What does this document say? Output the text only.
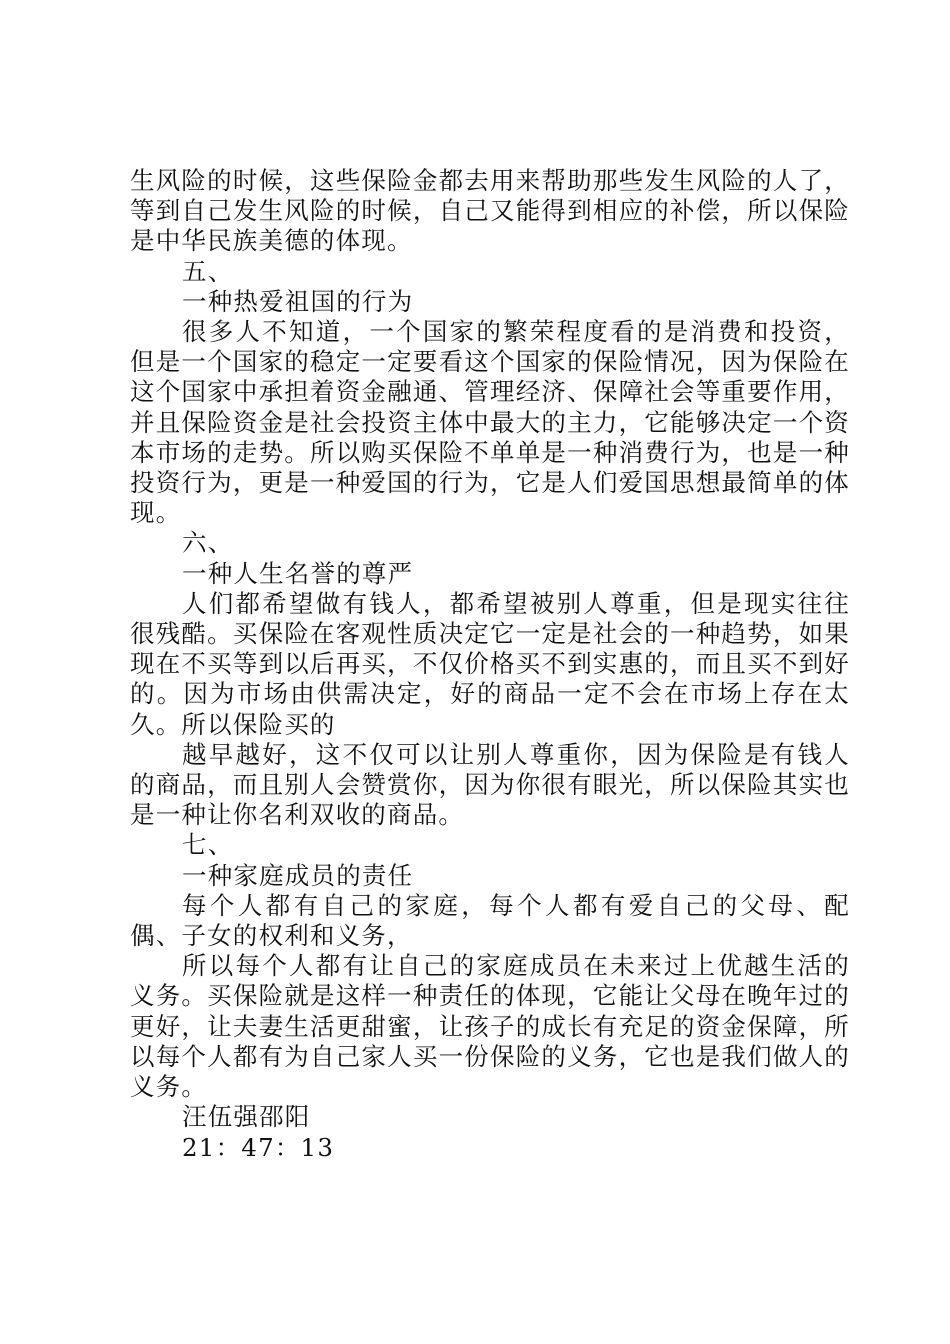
生风险的时候，这些保险金都去用来帮助那些发生风险的人了，等到自己发生风险的时候，自己又能得到相应的补偿，所以保险是中华民族美德的体现。

五、

一种热爱祖国的行为

很多人不知道，一个国家的繁荣程度看的是消费和投资，但是一个国家的稳定一定要看这个国家的保险情况，因为保险在这个国家中承担着资金融通、管理经济、保障社会等重要作用，并且保险资金是社会投资主体中最大的主力，它能够决定一个资本市场的走势。所以购买保险不单单是一种消费行为，也是一种投资行为，更是一种爱国的行为，它是人们爱国思想最简单的体现。

六、

一种人生名誉的尊严

人们都希望做有钱人，都希望被别人尊重，但是现实往往很残酷。买保险在客观性质决定它一定是社会的一种趋势，如果现在不买等到以后再买，不仅价格买不到实惠的，而且买不到好的。因为市场由供需决定，好的商品一定不会在市场上存在太久。所以保险买的

越早越好，这不仅可以让别人尊重你，因为保险是有钱人的商品，而且别人会赞赏你，因为你很有眼光，所以保险其实也是一种让你名利双收的商品。

七、

一种家庭成员的责任

每个人都有自己的家庭，每个人都有爱自己的父母、配偶、子女的权利和义务，

所以每个人都有让自己的家庭成员在未来过上优越生活的义务。买保险就是这样一种责任的体现，它能让父母在晚年过的更好，让夫妻生活更甜蜜，让孩子的成长有充足的资金保障，所以每个人都有为自己家人买一份保险的义务，它也是我们做人的义务。

汪伍强邵阳

21：47：13
